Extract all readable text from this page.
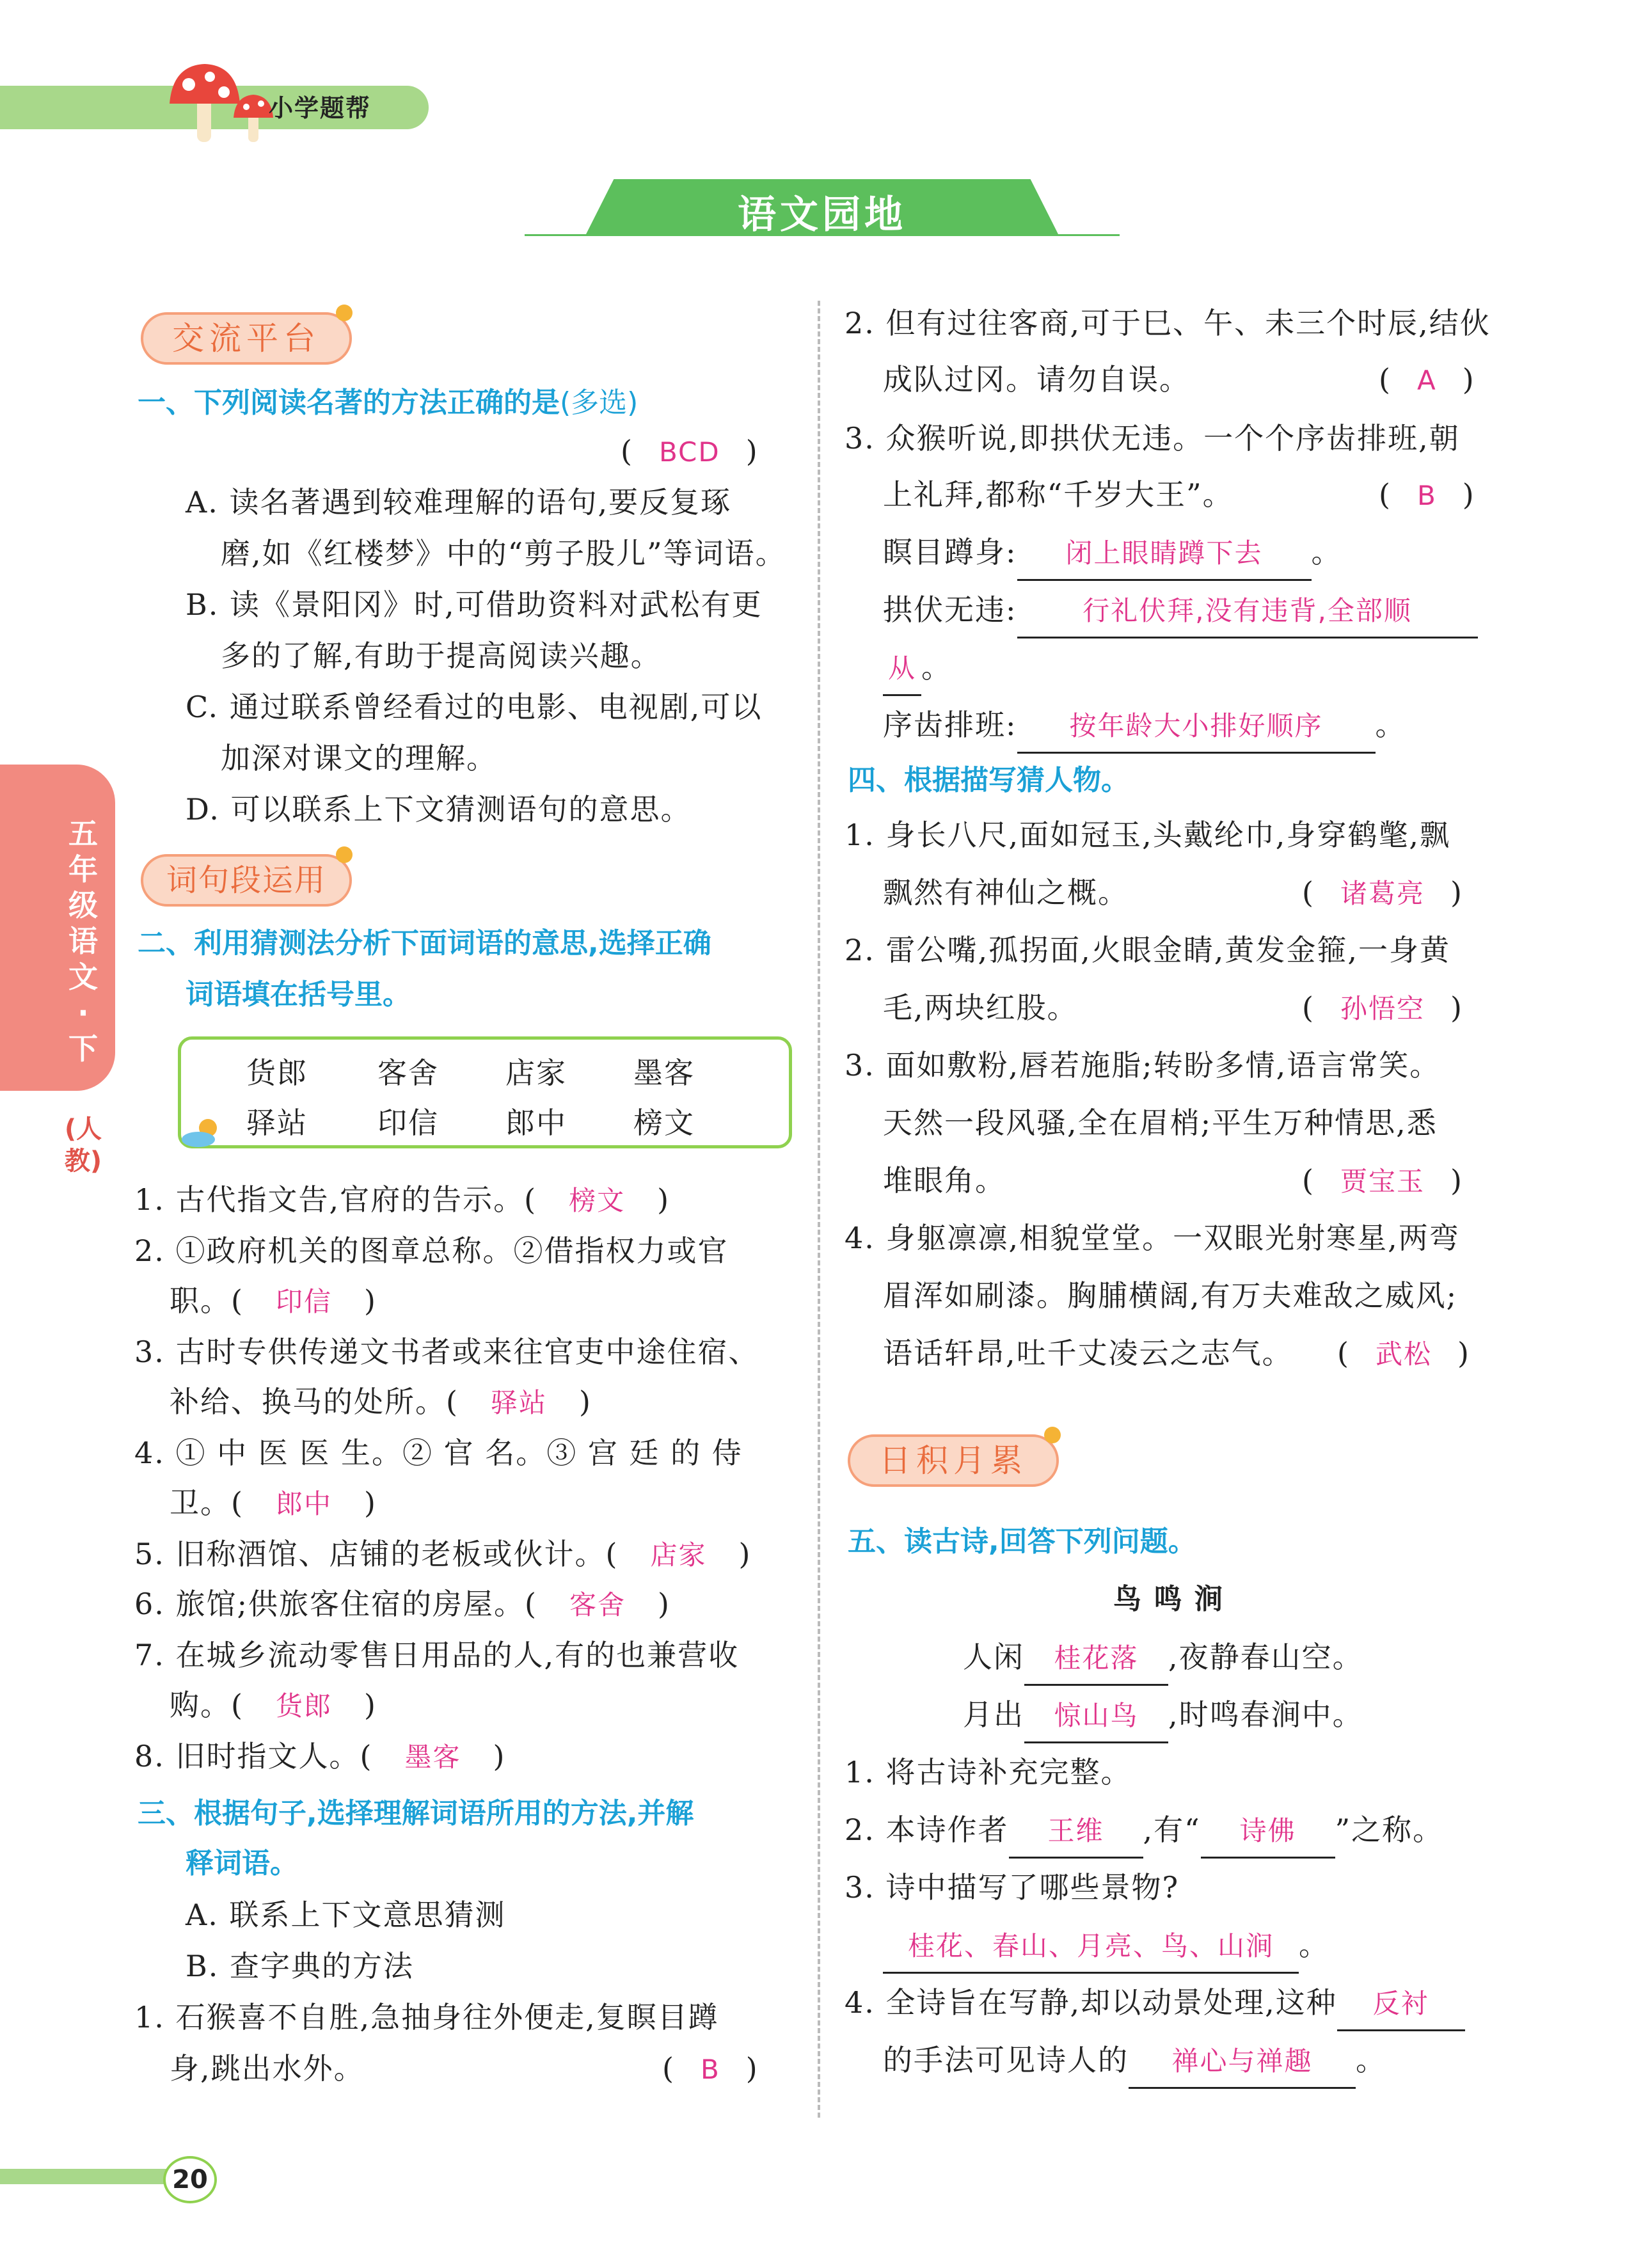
小学题帮
语文园地
五年级语文·下
(人教)
交流平台
一、下列阅读名著的方法正确的是(多选)
( BCD )
A. 读名著遇到较难理解的语句,要反复琢
磨,如《红楼梦》中的“剪子股儿”等词语。
B. 读《景阳冈》时,可借助资料对武松有更
多的了解,有助于提高阅读兴趣。
C. 通过联系曾经看过的电影、电视剧,可以
加深对课文的理解。
D. 可以联系上下文猜测语句的意思。
词句段运用
二、利用猜测法分析下面词语的意思,选择正确
词语填在括号里。
货郎 客舍 店家 墨客
驿站 印信 郎中 榜文
1. 古代指文告,官府的告示。( 榜文 )
2. ①政府机关的图章总称。②借指权力或官
职。( 印信 )
3. 古时专供传递文书者或来往官吏中途住宿、
补给、换马的处所。( 驿站 )
4. ① 中 医 医 生。② 官 名。③ 宫 廷 的 侍
卫。( 郎中 )
5. 旧称酒馆、店铺的老板或伙计。( 店家 )
6. 旅馆;供旅客住宿的房屋。( 客舍 )
7. 在城乡流动零售日用品的人,有的也兼营收
购。( 货郎 )
8. 旧时指文人。( 墨客 )
三、根据句子,选择理解词语所用的方法,并解
释词语。
A. 联系上下文意思猜测
B. 查字典的方法
1. 石猴喜不自胜,急抽身往外便走,复瞑目蹲
身,跳出水外。	( B )
2. 但有过往客商,可于巳、午、未三个时辰,结伙
成队过冈。请勿自误。	( A )
3. 众猴听说,即拱伏无违。一个个序齿排班,朝
上礼拜,都称“千岁大王”。	( B )
瞑目蹲身: 闭上眼睛蹲下去 。
拱伏无违: 行礼伏拜,没有违背,全部顺
从 。
序齿排班: 按年龄大小排好顺序 。
四、根据描写猜人物。
1. 身长八尺,面如冠玉,头戴纶巾,身穿鹤氅,飘
飘然有神仙之概。	( 诸葛亮 )
2. 雷公嘴,孤拐面,火眼金睛,黄发金箍,一身黄
毛,两块红股。	( 孙悟空 )
3. 面如敷粉,唇若施脂;转盼多情,语言常笑。
天然一段风骚,全在眉梢;平生万种情思,悉
堆眼角。	( 贾宝玉 )
4. 身躯凛凛,相貌堂堂。一双眼光射寒星,两弯
眉浑如刷漆。胸脯横阔,有万夫难敌之威风;
语话轩昂,吐千丈凌云之志气。 ( 武松 )
日积月累
五、读古诗,回答下列问题。
鸟 鸣 涧
人闲 桂花落 ,夜静春山空。
月出 惊山鸟 ,时鸣春涧中。
1. 将古诗补充完整。
2. 本诗作者 王维 ,有“ 诗佛 ”之称。
3. 诗中描写了哪些景物?
桂花、春山、月亮、鸟、山涧 。
4. 全诗旨在写静,却以动景处理,这种 反衬
的手法可见诗人的 禅心与禅趣 。
20
